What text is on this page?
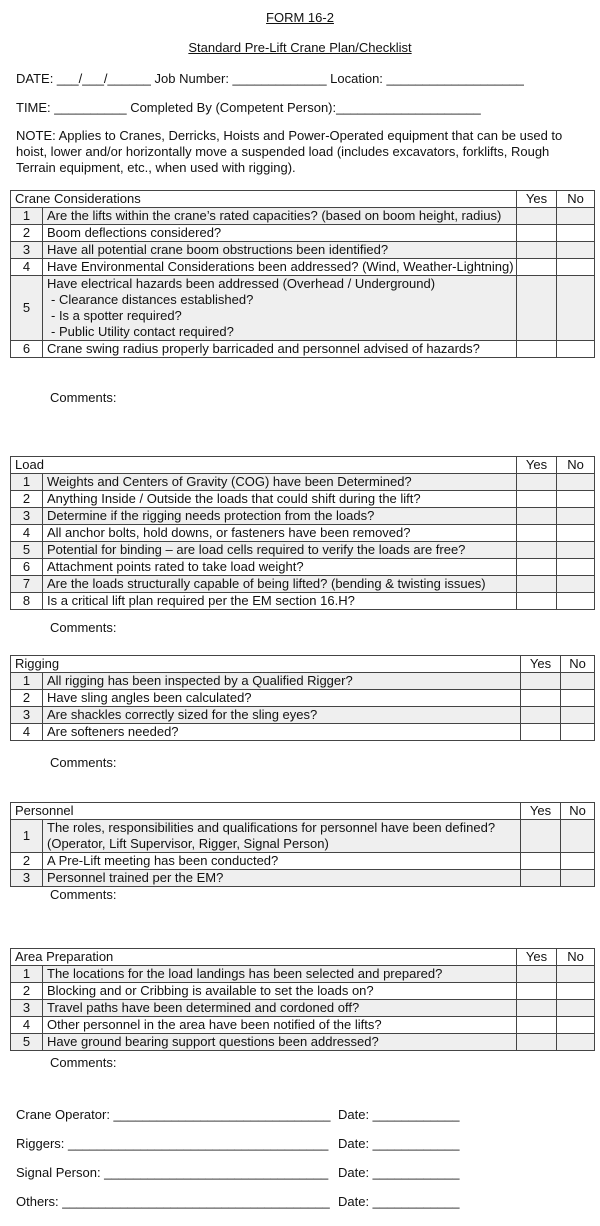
FORM 16-2
Standard Pre-Lift Crane Plan/Checklist
DATE: ___/___/______ Job Number: _____________ Location: ___________________
TIME: __________ Completed By (Competent Person):____________________
NOTE: Applies to Cranes, Derricks, Hoists and Power-Operated equipment that can be used to hoist, lower and/or horizontally move a suspended load (includes excavators, forklifts, Rough Terrain equipment, etc., when used with rigging).
Crane Considerations		Yes	No
1	Are the lifts within the crane’s rated capacities? (based on boom height, radius)		
2	Boom deflections considered?		
3	Have all potential crane boom obstructions been identified?		
4	Have Environmental Considerations been addressed? (Wind, Weather-Lightning)		
5	Have electrical hazards been addressed (Overhead / Underground)
- Clearance distances established?
- Is a spotter required?
- Public Utility contact required?		

6	Crane swing radius properly barricaded and personnel advised of hazards?		
Comments:
Load		Yes	No
1	Weights and Centers of Gravity (COG) have been Determined?		
2	Anything Inside / Outside the loads that could shift during the lift?		
3	Determine if the rigging needs protection from the loads?		
4	All anchor bolts, hold downs, or fasteners have been removed?		
5	Potential for binding – are load cells required to verify the loads are free?		
6	Attachment points rated to take load weight?		
7	Are the loads structurally capable of being lifted? (bending & twisting issues)		
8	Is a critical lift plan required per the EM section 16.H?		
Comments:
Rigging		Yes	No
1	All rigging has been inspected by a Qualified Rigger?		
2	Have sling angles been calculated?		
3	Are shackles correctly sized for the sling eyes?		
4	Are softeners needed?		
Comments:
Personnel		Yes	No
1	The roles, responsibilities and qualifications for personnel have been defined? (Operator, Lift Supervisor, Rigger, Signal Person)		
2	A Pre-Lift meeting has been conducted?		
3	Personnel trained per the EM?		
Comments:
Area Preparation		Yes	No
1	The locations for the load landings has been selected and prepared?		
2	Blocking and or Cribbing is available to set the loads on?		
3	Travel paths have been determined and cordoned off?		
4	Other personnel in the area have been notified of the lifts?		
5	Have ground bearing support questions been addressed?		
Comments:
Crane Operator: ______________________________ Date: ____________
Riggers: ____________________________________ Date: ____________
Signal Person: _______________________________ Date: ____________
Others: _____________________________________ Date: ____________
